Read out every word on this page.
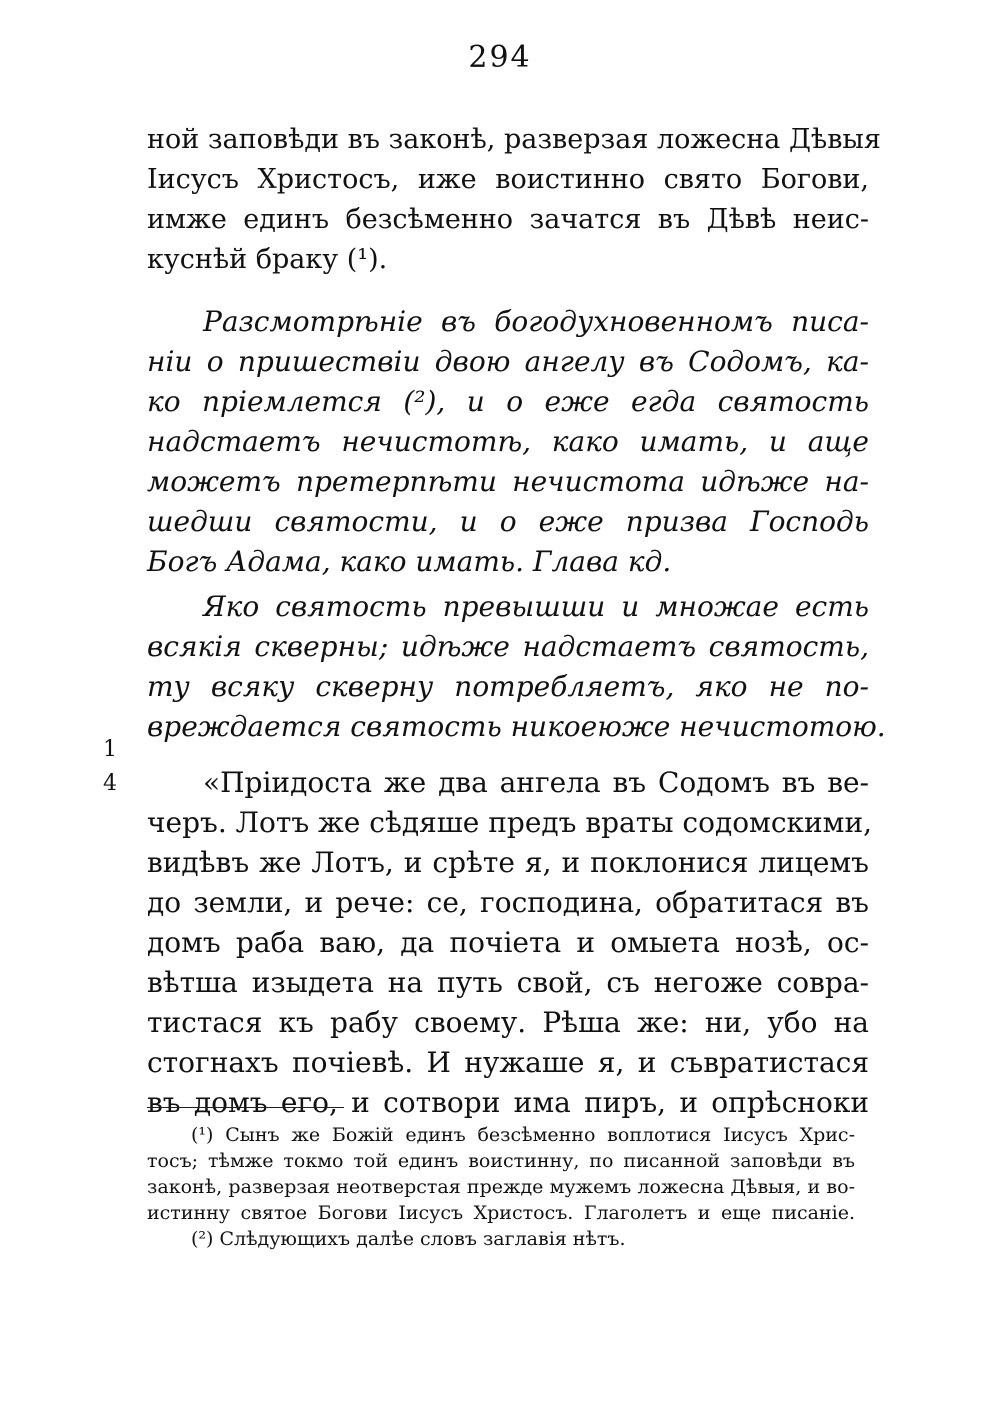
294
ной заповѣди въ законѣ, разверзая ложесна Дѣвыя
Іисусъ Христосъ, иже воистинно свято Богови,
имже единъ безсѣменно зачатся въ Дѣвѣ неис-
куснѣй браку (¹).
Разсмотрѣніе въ богодухновенномъ писа-
ніи о пришествіи двою ангелу въ Содомъ, ка-
ко пріемлется (²), и о еже егда святость
надстаетъ нечистотѣ, како имать, и аще
можетъ претерпѣти нечистота идѣже на-
шедши святости, и о еже призва Господь
Богъ Адама, како имать. Глава кд.
Яко святость превышши и множае есть
всякія скверны; идѣже надстаетъ святость,
ту всяку скверну потребляетъ, яко не по-
вреждается святость никоеюже нечистотою.
1
4	«Пріидоста же два ангела въ Содомъ въ ве-
черъ. Лотъ же сѣдяше предъ враты содомскими,
видѣвъ же Лотъ, и срѣте я, и поклонися лицемъ
до земли, и рече: се, господина, обратитася въ
домъ раба ваю, да почіета и омыета нозѣ, ос-
вѣтша изыдета на путь свой, съ негоже совра-
тистася къ рабу своему. Рѣша же: ни, убо на
стогнахъ почіевѣ. И нужаше я, и съвратистася
въ домъ его, и сотвори има пиръ, и опрѣсноки
(¹) Сынъ же Божій единъ безсѣменно воплотися Іисусъ Хрис-
тосъ; тѣмже токмо той единъ воистинну, по писанной заповѣди въ
законѣ, разверзая неотверстая прежде мужемъ ложесна Дѣвыя, и во-
истинну святое Богови Іисусъ Христосъ. Глаголетъ и еще писаніе.
(²) Слѣдующихъ далѣе словъ заглавія нѣтъ.
